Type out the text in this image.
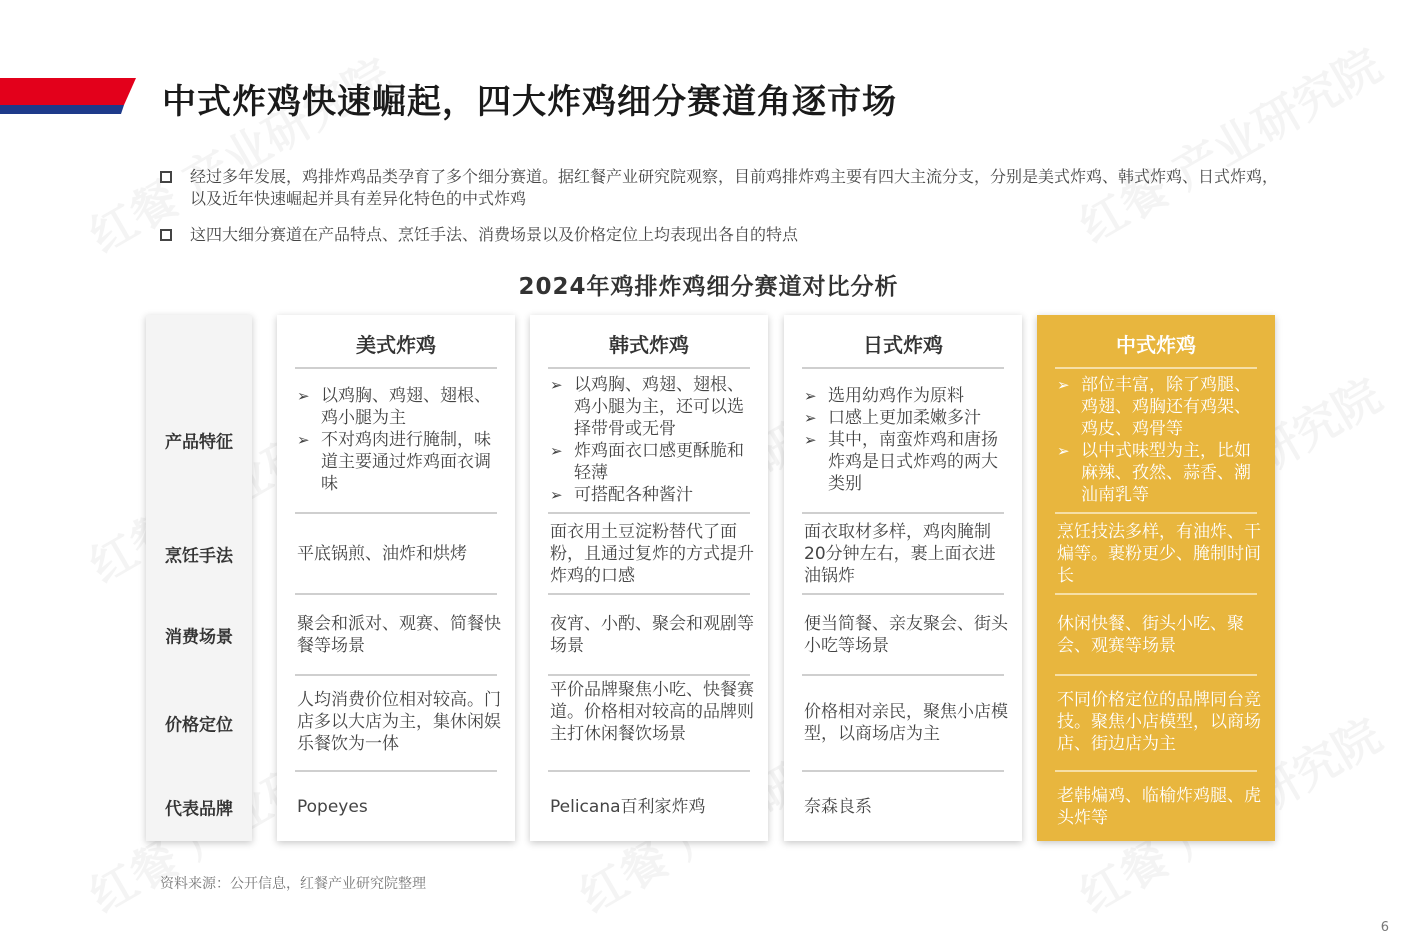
中式炸鸡快速崛起，四大炸鸡细分赛道角逐市场
经过多年发展，鸡排炸鸡品类孕育了多个细分赛道。据红餐产业研究院观察，目前鸡排炸鸡主要有四大主流分支，分别是美式炸鸡、韩式炸鸡、日式炸鸡，以及近年快速崛起并具有差异化特色的中式炸鸡
这四大细分赛道在产品特点、烹饪手法、消费场景以及价格定位上均表现出各自的特点
2024年鸡排炸鸡细分赛道对比分析
产品特征
烹饪手法
消费场景
价格定位
代表品牌
美式炸鸡
➢ 以鸡胸、鸡翅、翅根、鸡小腿为主
➢ 不对鸡肉进行腌制，味道主要通过炸鸡面衣调味
平底锅煎、油炸和烘烤
聚会和派对、观赛、简餐快餐等场景
人均消费价位相对较高。门店多以大店为主，集休闲娱乐餐饮为一体
Popeyes
韩式炸鸡
➢ 以鸡胸、鸡翅、翅根、鸡小腿为主，还可以选择带骨或无骨
➢ 炸鸡面衣口感更酥脆和轻薄
➢ 可搭配各种酱汁
面衣用土豆淀粉替代了面粉，且通过复炸的方式提升炸鸡的口感
夜宵、小酌、聚会和观剧等场景
平价品牌聚焦小吃、快餐赛道。价格相对较高的品牌则主打休闲餐饮场景
Pelicana百利家炸鸡
日式炸鸡
➢ 选用幼鸡作为原料
➢ 口感上更加柔嫩多汁
➢ 其中，南蛮炸鸡和唐扬炸鸡是日式炸鸡的两大类别
面衣取材多样，鸡肉腌制20分钟左右，裹上面衣进油锅炸
便当简餐、亲友聚会、街头小吃等场景
价格相对亲民，聚焦小店模型，以商场店为主
奈森良系
中式炸鸡
➢ 部位丰富，除了鸡腿、鸡翅、鸡胸还有鸡架、鸡皮、鸡骨等
➢ 以中式味型为主，比如麻辣、孜然、蒜香、潮汕南乳等
烹饪技法多样，有油炸、干煸等。裹粉更少、腌制时间长
休闲快餐、街头小吃、聚会、观赛等场景
不同价格定位的品牌同台竞技。聚焦小店模型，以商场店、街边店为主
老韩煸鸡、临榆炸鸡腿、虎头炸等
资料来源：公开信息，红餐产业研究院整理
6
